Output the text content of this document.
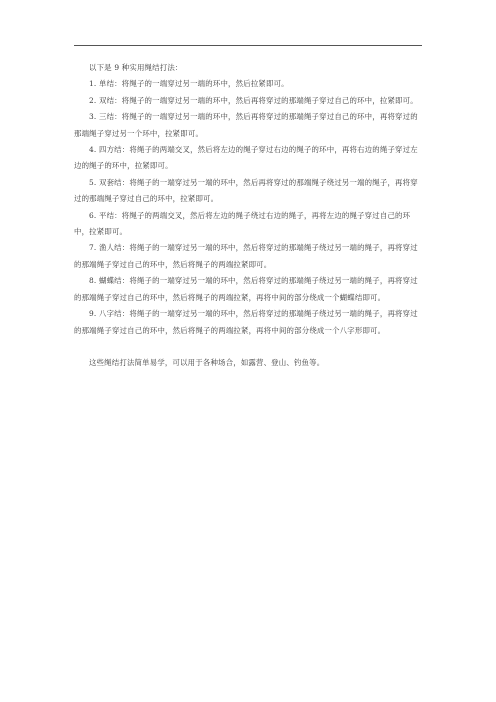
以下是 9 种实用绳结打法：

1. 单结：将绳子的一端穿过另一端的环中，然后拉紧即可。

2. 双结：将绳子的一端穿过另一端的环中，然后再将穿过的那端绳子穿过自己的环中，拉紧即可。

3. 三结：将绳子的一端穿过另一端的环中，然后再将穿过的那端绳子穿过自己的环中，再将穿过的那端绳子穿过另一个环中，拉紧即可。

4. 四方结：将绳子的两端交叉，然后将左边的绳子穿过右边的绳子的环中，再将右边的绳子穿过左边的绳子的环中，拉紧即可。

5. 双套结：将绳子的一端穿过另一端的环中，然后再将穿过的那端绳子绕过另一端的绳子，再将穿过的那端绳子穿过自己的环中，拉紧即可。

6. 平结：将绳子的两端交叉，然后将左边的绳子绕过右边的绳子，再将左边的绳子穿过自己的环中，拉紧即可。

7. 渔人结：将绳子的一端穿过另一端的环中，然后将穿过的那端绳子绕过另一端的绳子，再将穿过的那端绳子穿过自己的环中，然后将绳子的两端拉紧即可。

8. 蝴蝶结：将绳子的一端穿过另一端的环中，然后将穿过的那端绳子绕过另一端的绳子，再将穿过的那端绳子穿过自己的环中，然后将绳子的两端拉紧，再将中间的部分绕成一个蝴蝶结即可。

9. 八字结：将绳子的一端穿过另一端的环中，然后将穿过的那端绳子绕过另一端的绳子，再将穿过的那端绳子穿过自己的环中，然后将绳子的两端拉紧，再将中间的部分绕成一个八字形即可。

这些绳结打法简单易学，可以用于各种场合，如露营、登山、钓鱼等。
